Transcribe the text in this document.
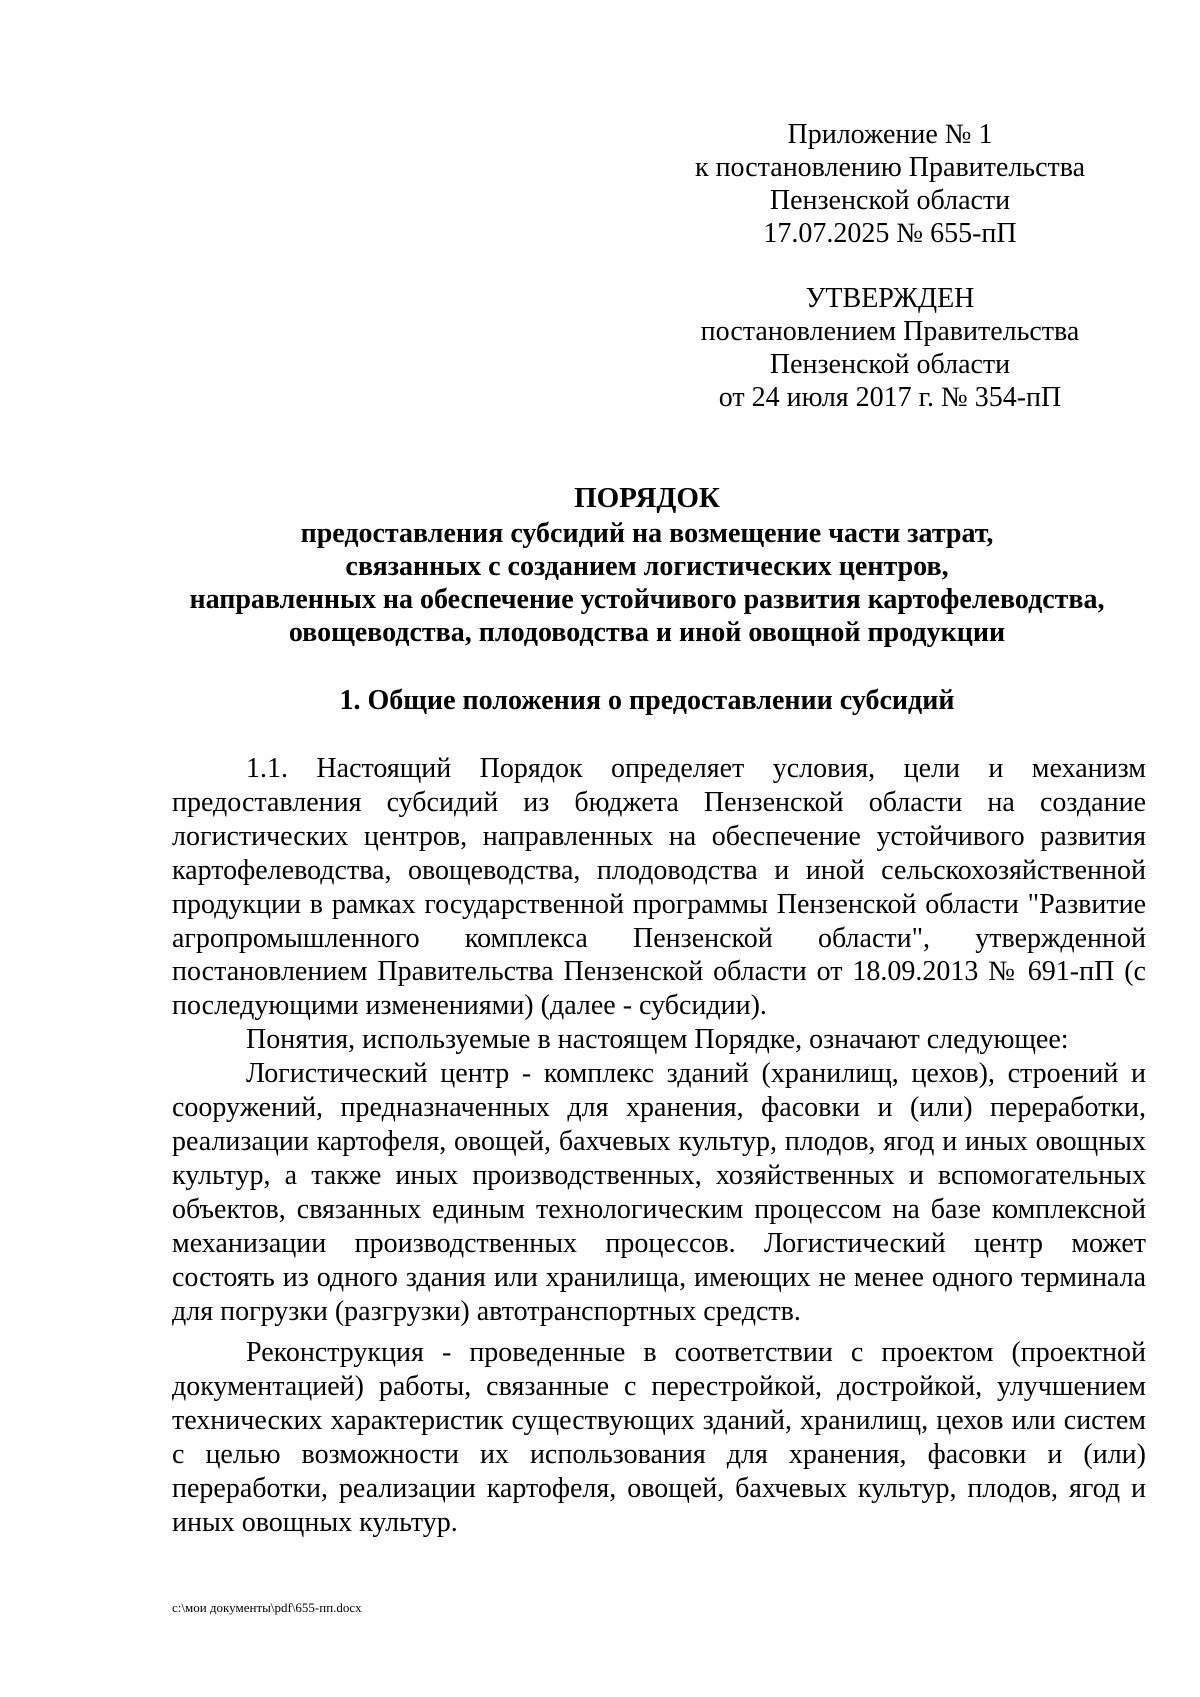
Приложение № 1
к постановлению Правительства
Пензенской области
17.07.2025 № 655-пП
УТВЕРЖДЕН
постановлением Правительства
Пензенской области
от 24 июля 2017 г. № 354-пП
ПОРЯДОК
предоставления субсидий на возмещение части затрат,
связанных с созданием логистических центров,
направленных на обеспечение устойчивого развития картофелеводства,
овощеводства, плодоводства и иной овощной продукции
1. Общие положения о предоставлении субсидий

1.1. Настоящий Порядок определяет условия, цели и механизм предоставления субсидий из бюджета Пензенской области на создание логистических центров, направленных на обеспечение устойчивого развития картофелеводства, овощеводства, плодоводства и иной сельскохозяйственной продукции в рамках государственной программы Пензенской области "Развитие агропромышленного комплекса Пензенской области", утвержденной постановлением Правительства Пензенской области от 18.09.2013 № 691-пП (с последующими изменениями) (далее - субсидии).

Понятия, используемые в настоящем Порядке, означают следующее:

Логистический центр - комплекс зданий (хранилищ, цехов), строений и сооружений, предназначенных для хранения, фасовки и (или) переработки, реализации картофеля, овощей, бахчевых культур, плодов, ягод и иных овощных культур, а также иных производственных, хозяйственных и вспомогательных объектов, связанных единым технологическим процессом на базе комплексной механизации производственных процессов. Логистический центр может состоять из одного здания или хранилища, имеющих не менее одного терминала для погрузки (разгрузки) автотранспортных средств.

Реконструкция - проведенные в соответствии с проектом (проектной документацией) работы, связанные с перестройкой, достройкой, улучшением технических характеристик существующих зданий, хранилищ, цехов или систем с целью возможности их использования для хранения, фасовки и (или) переработки, реализации картофеля, овощей, бахчевых культур, плодов, ягод и иных овощных культур.

c:\мои документы\pdf\655-пп.docx
